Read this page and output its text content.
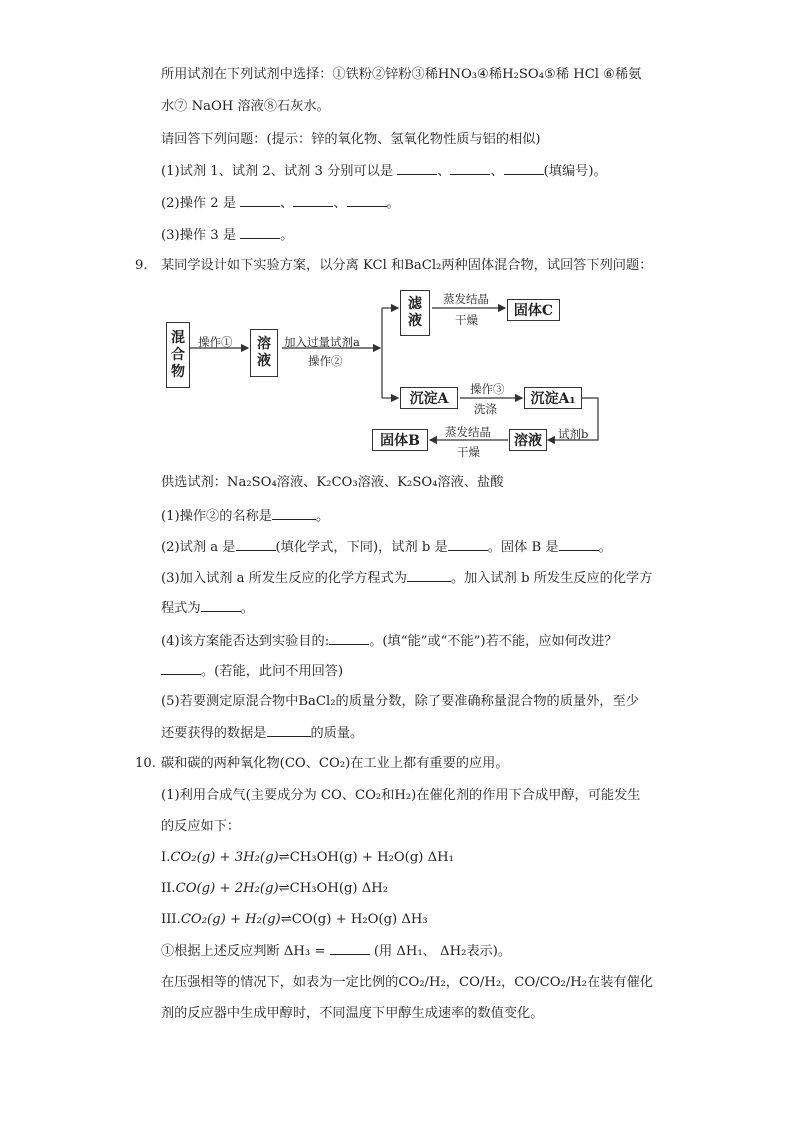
所用试剂在下列试剂中选择：①铁粉②锌粉③稀HNO₃④稀H₂SO₄⑤稀 HCl ⑥稀氨
水⑦ NaOH 溶液⑧石灰水。
请回答下列问题：(提示：锌的氧化物、氢氧化物性质与铝的相似)
(1)试剂 1、试剂 2、试剂 3 分别可以是	、	、	(填编号)。
(2)操作 2 是	、	、	。
(3)操作 3 是	。
9. 某同学设计如下实验方案，以分离 KCl 和BaCl₂两种固体混合物，试回答下列问题：
混
合
物
溶
液
滤
液
固体C
沉淀A	沉淀A₁
溶液
固体B
操作①	加入过量试剂a
操作②
蒸发结晶
干燥
操作③
洗涤
试剂b
蒸发结晶
干燥
供选试剂：Na₂SO₄溶液、K₂CO₃溶液、K₂SO₄溶液、盐酸
(1)操作②的名称是	。
(2)试剂 a 是	(填化学式，下同)，试剂 b 是	。固体 B 是	。
(3)加入试剂 a 所发生反应的化学方程式为	。加入试剂 b 所发生反应的化学方
程式为	。
(4)该方案能否达到实验目的:	。(填“能”或“不能”)若不能，应如何改进？
。(若能，此问不用回答)
(5)若要测定原混合物中BaCl₂的质量分数，除了要准确称量混合物的质量外，至少
还要获得的数据是	的质量。
10. 碳和碳的两种氧化物(CO、CO₂)在工业上都有重要的应用。
(1)利用合成气(主要成分为 CO、CO₂和H₂)在催化剂的作用下合成甲醇，可能发生
的反应如下：
I.CO₂(g) + 3H₂(g)⇌CH₃OH(g) + H₂O(g) ΔH₁
II.CO(g) + 2H₂(g)⇌CH₃OH(g) ΔH₂
III.CO₂(g) + H₂(g)⇌CO(g) + H₂O(g) ΔH₃
①根据上述反应判断 ΔH₃ =	(用 ΔH₁、 ΔH₂表示)。
在压强相等的情况下，如表为一定比例的CO₂/H₂，CO/H₂，CO/CO₂/H₂在装有催化
剂的反应器中生成甲醇时，不同温度下甲醇生成速率的数值变化。
